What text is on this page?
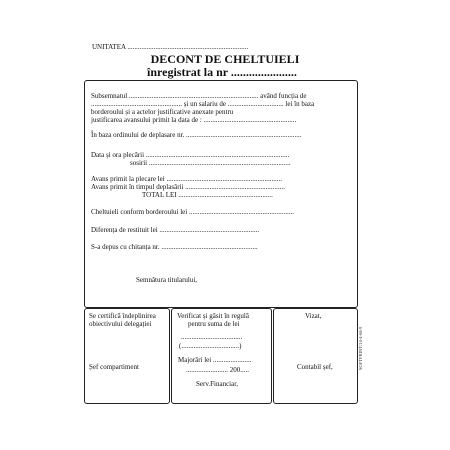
UNITATEA .....................................................................
DECONT DE CHELTUIELI
înregistrat la nr ......................
Subsemnatul .......................................................................... având funcția de
.................................................... și un salariu de ................................ lei în baza
borderoului și a actelor justificative anexate pentru
justificarea avansului primit la data de : .....................................................
În baza ordinului de deplasare nr. ..................................................................
Data și ora plecării ..................................................................................
sosirii .................................................................................
Avans primit la plecare lei ..................................................................
Avans primit în timpul deplasării .........................................................
TOTAL LEI ......................................................
Cheltuieli conform borderoului lei ............................................................
Diferența de restituit lei .........................................................
S-a depus cu chitanța nr. .......................................................
Semnătura titularului,
Se certifică îndeplinirea
obiectivului delegației
Șef compartiment
Verificat și găsit în regulă
pentru suma de lei
...................................
(.................................)
Majorări lei ......................
........................ 200.....
Serv.Financiar,
Vizat,
Contabil șef,	SOFTPRINT/14-4-68-9
